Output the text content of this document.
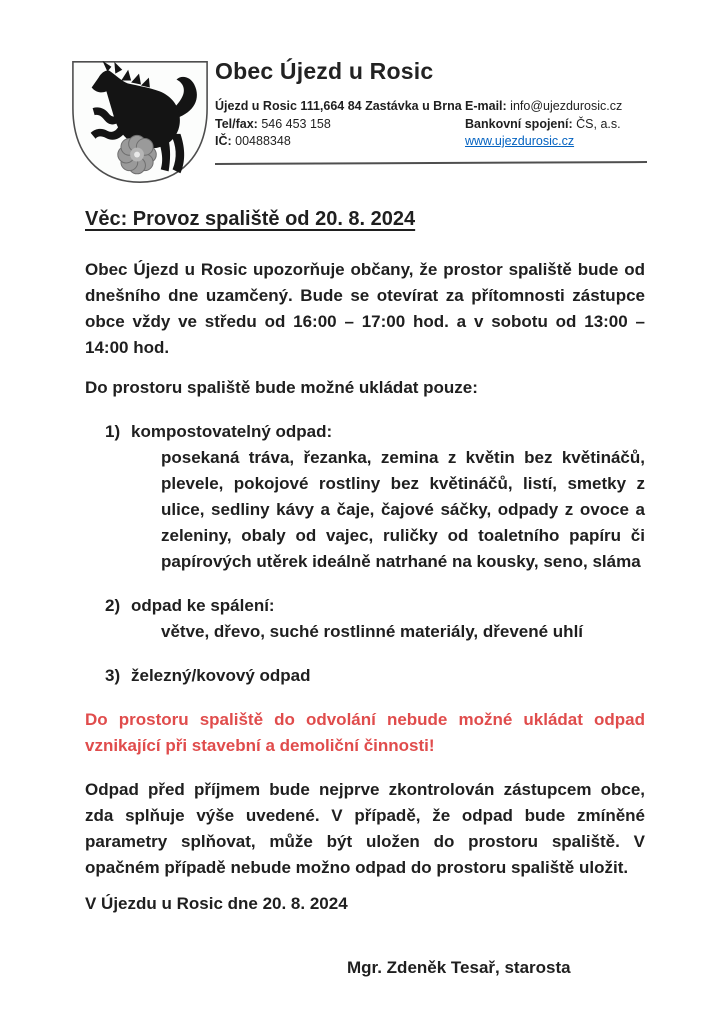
Obec Újezd u Rosic
Újezd u Rosic 111,664 84 Zastávka u Brna
Tel/fax: 546 453 158
IČ: 00488348
E-mail: info@ujezdurosic.cz
Bankovní spojení: ČS, a.s.
www.ujezdurosic.cz
Věc: Provoz spaliště od 20. 8. 2024

Obec Újezd u Rosic upozorňuje občany, že prostor spaliště bude od dnešního dne uzamčený. Bude se otevírat za přítomnosti zástupce obce vždy ve středu od 16:00 – 17:00 hod. a v sobotu od 13:00 – 14:00 hod.

Do prostoru spaliště bude možné ukládat pouze:

1) kompostovatelný odpad:
posekaná tráva, řezanka, zemina z květin bez květináčů, plevele, pokojové rostliny bez květináčů, listí, smetky z ulice, sedliny kávy a čaje, čajové sáčky, odpady z ovoce a zeleniny, obaly od vajec, ruličky od toaletního papíru či papírových utěrek ideálně natrhané na kousky, seno, sláma
2) odpad ke spálení:
větve, dřevo, suché rostlinné materiály, dřevené uhlí
3) železný/kovový odpad

Do prostoru spaliště do odvolání nebude možné ukládat odpad vznikající při stavební a demoliční činnosti!

Odpad před příjmem bude nejprve zkontrolován zástupcem obce, zda splňuje výše uvedené. V případě, že odpad bude zmíněné parametry splňovat, může být uložen do prostoru spaliště. V opačném případě nebude možno odpad do prostoru spaliště uložit.

V Újezdu u Rosic dne 20. 8. 2024

Mgr. Zdeněk Tesař, starosta
